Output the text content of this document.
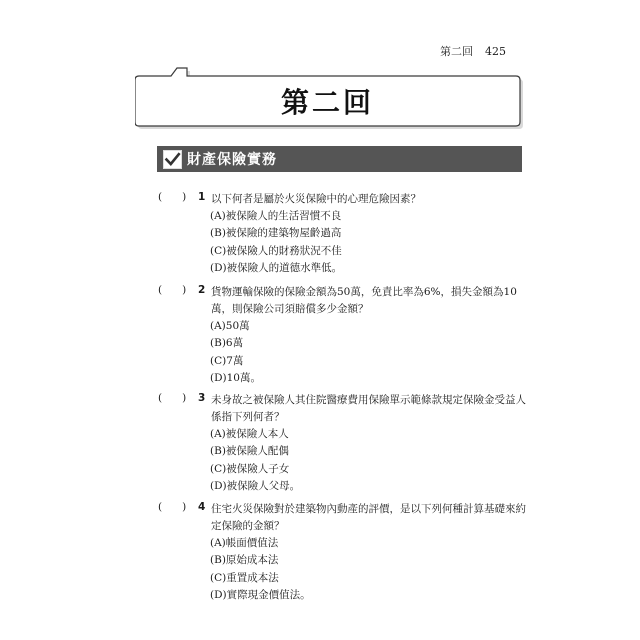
第二回 425
第二回
財產保險實務
(      ) 1 以下何者是屬於火災保險中的心理危險因素？
(A)被保險人的生活習慣不良
(B)被保險的建築物屋齡過高
(C)被保險人的財務狀況不佳
(D)被保險人的道德水準低。
(      ) 2 貨物運輸保險的保險金額為50萬，免責比率為6%，損失金額為10萬，則保險公司須賠償多少金額？
(A)50萬
(B)6萬
(C)7萬
(D)10萬。
(      ) 3 未身故之被保險人其住院醫療費用保險單示範條款規定保險金受益人係指下列何者？
(A)被保險人本人
(B)被保險人配偶
(C)被保險人子女
(D)被保險人父母。
(      ) 4 住宅火災保險對於建築物內動產的評價，是以下列何種計算基礎來約定保險的金額？
(A)帳面價值法
(B)原始成本法
(C)重置成本法
(D)實際現金價值法。
